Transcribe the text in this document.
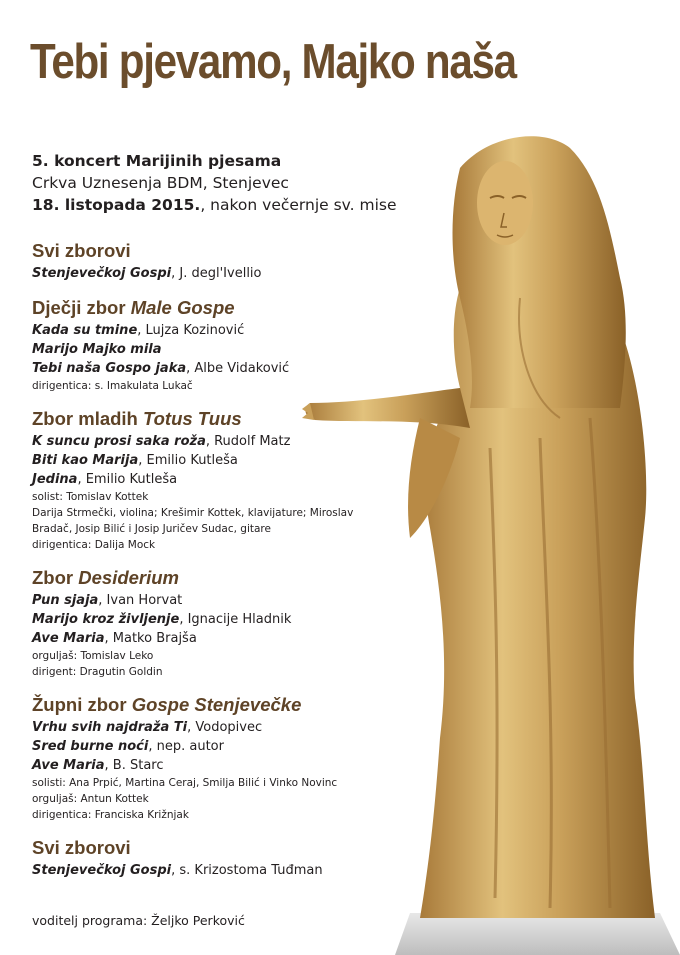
Tebi pjevamo, Majko naša
5. koncert Marijinih pjesama
Crkva Uznesenja BDM, Stenjevec
18. listopada 2015., nakon večernje sv. mise
Svi zborovi
Stenjevečkoj Gospi, J. degl'Ivellio
Dječji zbor Male Gospe
Kada su tmine, Lujza Kozinović
Marijo Majko mila
Tebi naša Gospo jaka, Albe Vidaković
dirigentica: s. Imakulata Lukač
Zbor mladih Totus Tuus
K suncu prosi saka roža, Rudolf Matz
Biti kao Marija, Emilio Kutleša
Jedina, Emilio Kutleša
solist: Tomislav Kottek
Darija Strmečki, violina; Krešimir Kottek, klavijature; Miroslav
Bradač, Josip Bilić i Josip Juričev Sudac, gitare
dirigentica: Dalija Mock
Zbor Desiderium
Pun sjaja, Ivan Horvat
Marijo kroz življenje, Ignacije Hladnik
Ave Maria, Matko Brajša
orguljaš: Tomislav Leko
dirigent: Dragutin Goldin
Župni zbor Gospe Stenjevečke
Vrhu svih najdraža Ti, Vodopivec
Sred burne noći, nep. autor
Ave Maria, B. Starc
solisti: Ana Prpić, Martina Ceraj, Smilja Bilić i Vinko Novinc
orguljaš: Antun Kottek
dirigentica: Franciska Križnjak
Svi zborovi
Stenjevečkoj Gospi, s. Krizostoma Tuđman
voditelj programa: Željko Perković
